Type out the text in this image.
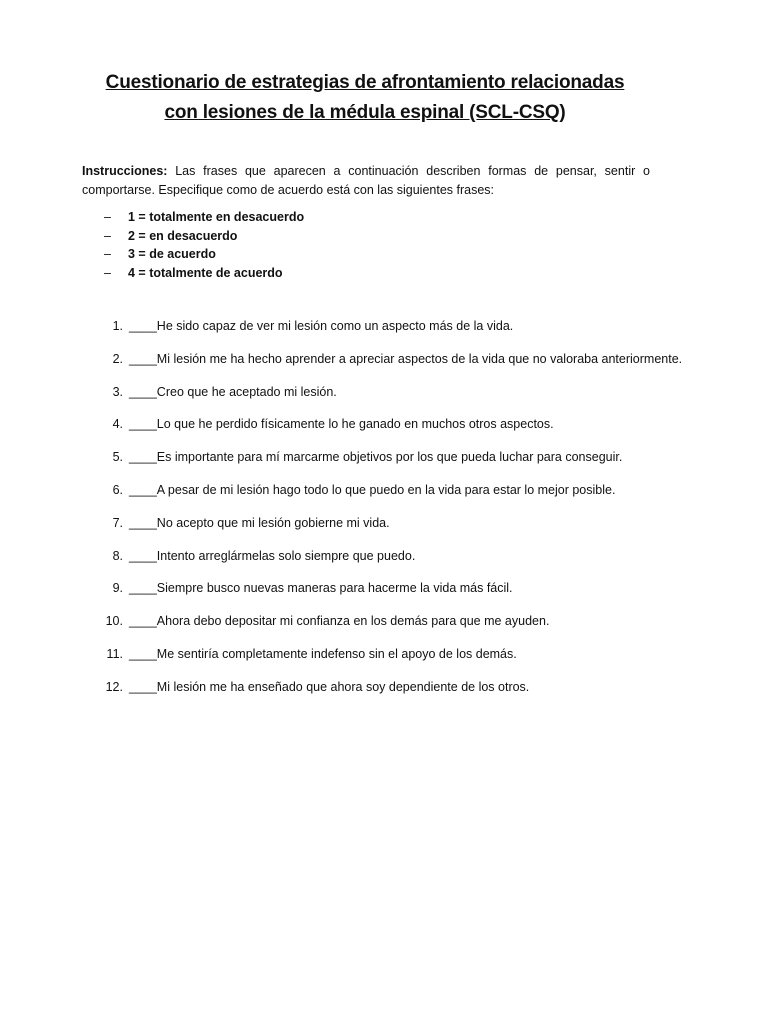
Cuestionario de estrategias de afrontamiento relacionadas
con lesiones de la médula espinal (SCL-CSQ)
Instrucciones: Las frases que aparecen a continuación describen formas de pensar, sentir o comportarse. Especifique como de acuerdo está con las siguientes frases:
– 1 = totalmente en desacuerdo
– 2 = en desacuerdo
– 3 = de acuerdo
– 4 = totalmente de acuerdo
1. ____He sido capaz de ver mi lesión como un aspecto más de la vida.
2. ____Mi lesión me ha hecho aprender a apreciar aspectos de la vida que no valoraba anteriormente.
3. ____Creo que he aceptado mi lesión.
4. ____Lo que he perdido físicamente lo he ganado en muchos otros aspectos.
5. ____Es importante para mí marcarme objetivos por los que pueda luchar para conseguir.
6. ____A pesar de mi lesión hago todo lo que puedo en la vida para estar lo mejor posible.
7. ____No acepto que mi lesión gobierne mi vida.
8. ____Intento arreglármelas solo siempre que puedo.
9. ____Siempre busco nuevas maneras para hacerme la vida más fácil.
10. ____Ahora debo depositar mi confianza en los demás para que me ayuden.
11. ____Me sentiría completamente indefenso sin el apoyo de los demás.
12. ____Mi lesión me ha enseñado que ahora soy dependiente de los otros.
